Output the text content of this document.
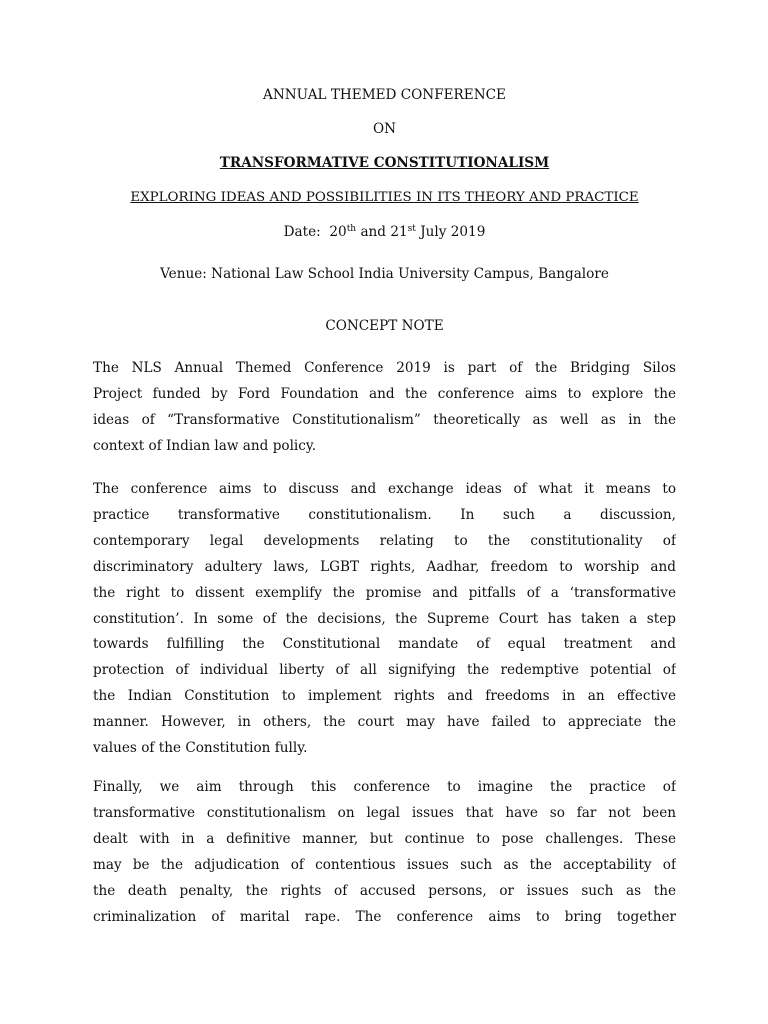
ANNUAL THEMED CONFERENCE
ON
TRANSFORMATIVE CONSTITUTIONALISM
EXPLORING IDEAS AND POSSIBILITIES IN ITS THEORY AND PRACTICE
Date: 20th and 21st July 2019
Venue: National Law School India University Campus, Bangalore
CONCEPT NOTE
The NLS Annual Themed Conference 2019 is part of the Bridging Silos
Project funded by Ford Foundation and the conference aims to explore the
ideas of “Transformative Constitutionalism” theoretically as well as in the
context of Indian law and policy.
The conference aims to discuss and exchange ideas of what it means to
practice transformative constitutionalism. In such a discussion,
contemporary legal developments relating to the constitutionality of
discriminatory adultery laws, LGBT rights, Aadhar, freedom to worship and
the right to dissent exemplify the promise and pitfalls of a ‘transformative
constitution’. In some of the decisions, the Supreme Court has taken a step
towards fulfilling the Constitutional mandate of equal treatment and
protection of individual liberty of all signifying the redemptive potential of
the Indian Constitution to implement rights and freedoms in an effective
manner. However, in others, the court may have failed to appreciate the
values of the Constitution fully.
Finally, we aim through this conference to imagine the practice of
transformative constitutionalism on legal issues that have so far not been
dealt with in a definitive manner, but continue to pose challenges. These
may be the adjudication of contentious issues such as the acceptability of
the death penalty, the rights of accused persons, or issues such as the
criminalization of marital rape. The conference aims to bring together
